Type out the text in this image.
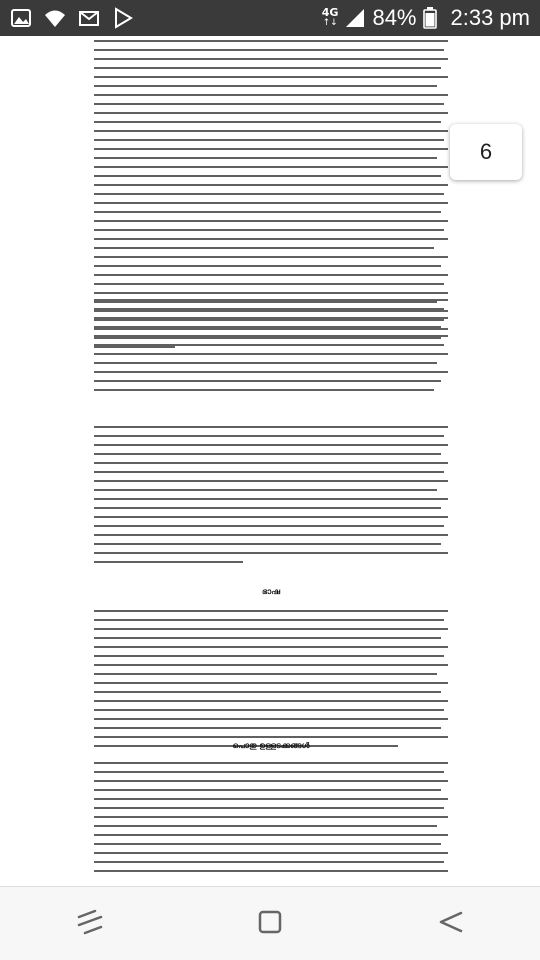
4G
↑↓ 84% 2:33 pm
ഭാഷ
പൊതു ഉള്ളടക്കങ്ങൾ
6
